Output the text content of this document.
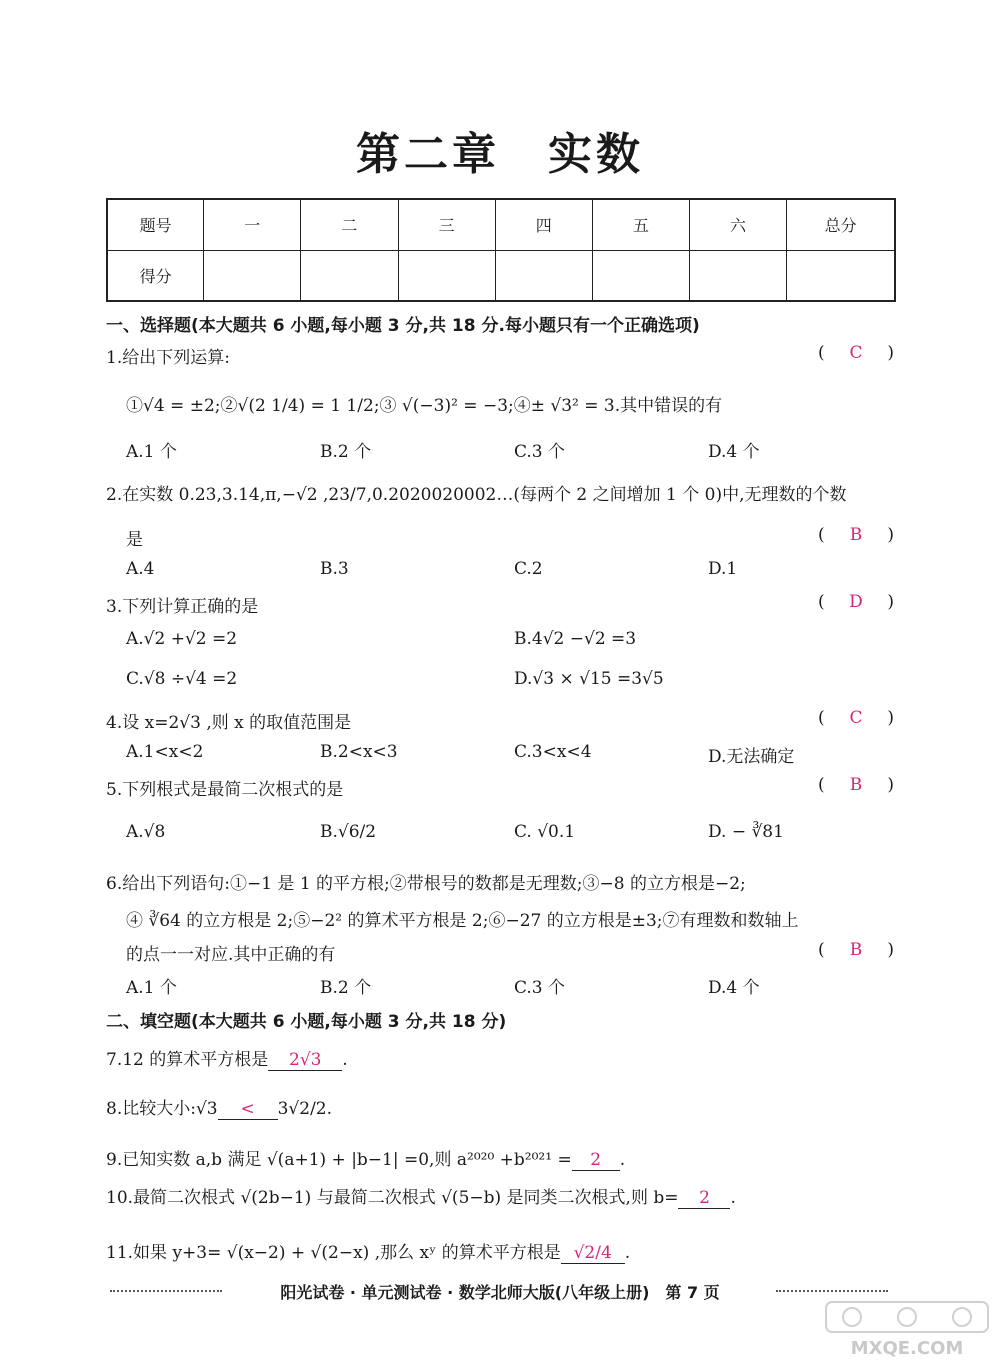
第二章　实数
题号	一	二	三	四	五	六	总分
得分							
一、选择题(本大题共 6 小题,每小题 3 分,共 18 分.每小题只有一个正确选项)
1.给出下列运算:	(	C	)
①√4 = ±2;②√(2 1/4) = 1 1/2;③ √(−3)² = −3;④± √3² = 3.其中错误的有
A.1 个	B.2 个	C.3 个	D.4 个
2.在实数 0.23,3.14,π,−√2 ,23/7,0.2020020002…(每两个 2 之间增加 1 个 0)中,无理数的个数
是	(	B	)
A.4	B.3	C.2	D.1
3.下列计算正确的是	(	D	)
A.√2 +√2 =2	B.4√2 −√2 =3
C.√8 ÷√4 =2	D.√3 × √15 =3√5
4.设 x=2√3 ,则 x 的取值范围是	(	C	)
A.1<x<2	B.2<x<3	C.3<x<4	D.无法确定
5.下列根式是最简二次根式的是	(	B	)
A.√8	B.√6/2	C. √0.1	D. − ∛81
6.给出下列语句:①−1 是 1 的平方根;②带根号的数都是无理数;③−8 的立方根是−2;
④ ∛64 的立方根是 2;⑤−2² 的算术平方根是 2;⑥−27 的立方根是±3;⑦有理数和数轴上
的点一一对应.其中正确的有	(	B	)
A.1 个	B.2 个	C.3 个	D.4 个
二、填空题(本大题共 6 小题,每小题 3 分,共 18 分)
7.12 的算术平方根是 2√3 .
8.比较大小:√3 < 3√2/2.
9.已知实数 a,b 满足 √(a+1) + |b−1| =0,则 a²⁰²⁰ +b²⁰²¹ = 2 .
10.最简二次根式 √(2b−1) 与最简二次根式 √(5−b) 是同类二次根式,则 b= 2 .
11.如果 y+3= √(x−2) + √(2−x) ,那么 xʸ 的算术平方根是 √2/4 .
阳光试卷 · 单元测试卷 · 数学北师大版(八年级上册)　第 7 页
MXQE.COM
